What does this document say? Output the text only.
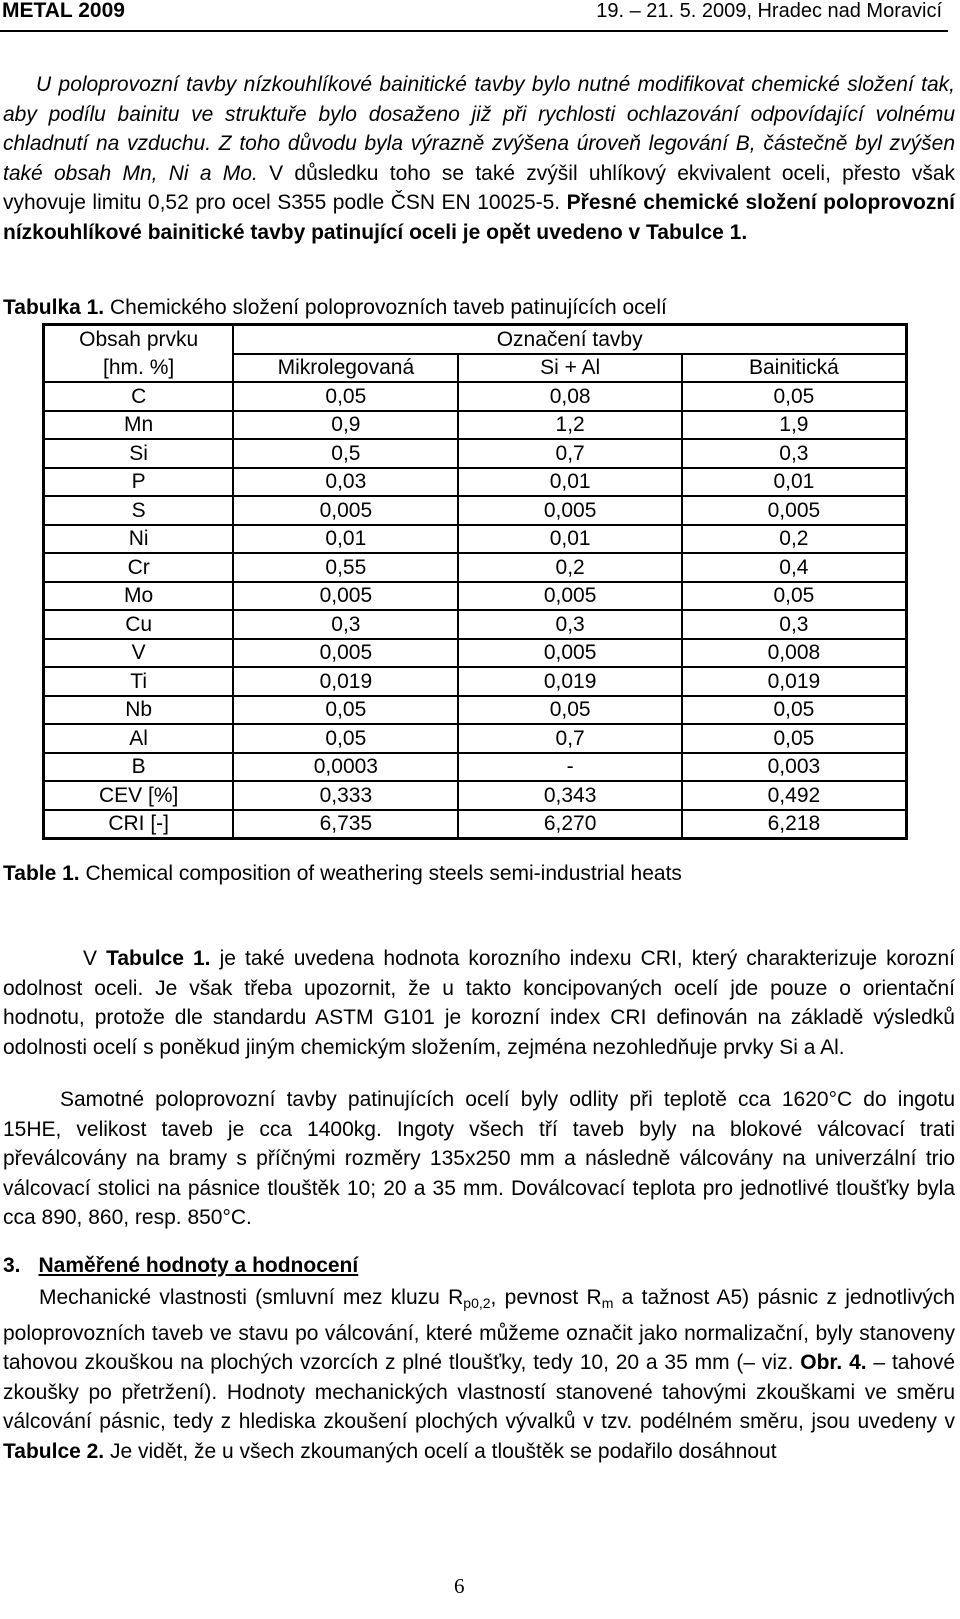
METAL 2009	19. – 21. 5. 2009, Hradec nad Moravicí

U poloprovozní tavby nízkouhlíkové bainitické tavby bylo nutné modifikovat chemické složení tak, aby podílu bainitu ve struktuře bylo dosaženo již při rychlosti ochlazování odpovídající volnému chladnutí na vzduchu. Z toho důvodu byla výrazně zvýšena úroveň legování B, částečně byl zvýšen také obsah Mn, Ni a Mo. V důsledku toho se také zvýšil uhlíkový ekvivalent oceli, přesto však vyhovuje limitu 0,52 pro ocel S355 podle ČSN EN 10025-5. Přesné chemické složení poloprovozní nízkouhlíkové bainitické tavby patinující oceli je opět uvedeno v Tabulce 1.

Tabulka 1. Chemického složení poloprovozních taveb patinujících ocelí
Obsah prvku	Označení tavby		
[hm. %]	Mikrolegovaná	Si + Al	Bainitická
C	0,05	0,08	0,05
Mn	0,9	1,2	1,9
Si	0,5	0,7	0,3
P	0,03	0,01	0,01
S	0,005	0,005	0,005
Ni	0,01	0,01	0,2
Cr	0,55	0,2	0,4
Mo	0,005	0,005	0,05
Cu	0,3	0,3	0,3
V	0,005	0,005	0,008
Ti	0,019	0,019	0,019
Nb	0,05	0,05	0,05
Al	0,05	0,7	0,05
B	0,0003	-	0,003
CEV [%]	0,333	0,343	0,492
CRI [-]	6,735	6,270	6,218
Table 1. Chemical composition of weathering steels semi-industrial heats

V Tabulce 1. je také uvedena hodnota korozního indexu CRI, který charakterizuje korozní odolnost oceli. Je však třeba upozornit, že u takto koncipovaných ocelí jde pouze o orientační hodnotu, protože dle standardu ASTM G101 je korozní index CRI definován na základě výsledků odolnosti ocelí s poněkud jiným chemickým složením, zejména nezohledňuje prvky Si a Al.

Samotné poloprovozní tavby patinujících ocelí byly odlity při teplotě cca 1620°C do ingotu 15HE, velikost taveb je cca 1400kg. Ingoty všech tří taveb byly na blokové válcovací trati převálcovány na bramy s příčnými rozměry 135x250 mm a následně válcovány na univerzální trio válcovací stolici na pásnice tlouštěk 10; 20 a 35 mm. Doválcovací teplota pro jednotlivé tloušťky byla cca 890, 860, resp. 850°C.

3. Naměřené hodnoty a hodnocení

Mechanické vlastnosti (smluvní mez kluzu $R_{p0,2}$, pevnost $R_m$ a tažnost A5) pásnic z jednotlivých poloprovozních taveb ve stavu po válcování, které můžeme označit jako normalizační, byly stanoveny tahovou zkouškou na plochých vzorcích z plné tloušťky, tedy 10, 20 a 35 mm (– viz. Obr. 4. – tahové zkoušky po přetržení). Hodnoty mechanických vlastností stanovené tahovými zkouškami ve směru válcování pásnic, tedy z hlediska zkoušení plochých vývalků v tzv. podélném směru, jsou uvedeny v Tabulce 2. Je vidět, že u všech zkoumaných ocelí a tlouštěk se podařilo dosáhnout

6
